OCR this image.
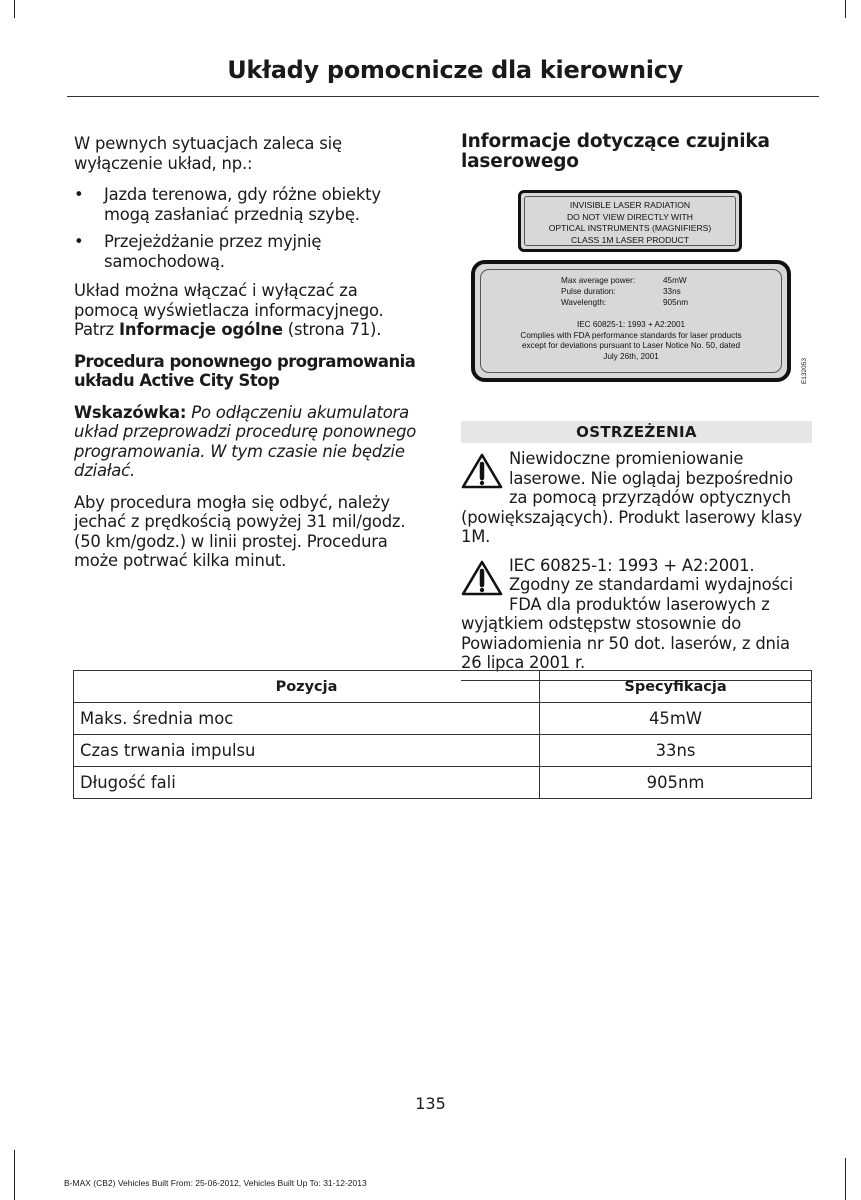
Układy pomocnicze dla kierownicy

W pewnych sytuacjach zaleca się wyłączenie układ, np.:

• Jazda terenowa, gdy różne obiekty mogą zasłaniać przednią szybę.
• Przejeżdżanie przez myjnię samochodową.

Układ można włączać i wyłączać za pomocą wyświetlacza informacyjnego. Patrz Informacje ogólne (strona 71).

Procedura ponownego programowania układu Active City Stop

Wskazówka: Po odłączeniu akumulatora układ przeprowadzi procedurę ponownego programowania. W tym czasie nie będzie działać.

Aby procedura mogła się odbyć, należy jechać z prędkością powyżej 31 mil/godz. (50 km/godz.) w linii prostej. Procedura może potrwać kilka minut.

Informacje dotyczące czujnika laserowego
INVISIBLE LASER RADIATION
DO NOT VIEW DIRECTLY WITH
OPTICAL INSTRUMENTS (MAGNIFIERS)
CLASS 1M LASER PRODUCT
Max average power:	45mW
Pulse duration:	33ns
Wavelength:	905nm
IEC 60825-1: 1993 + A2:2001
Complies with FDA performance standards for laser products
except for deviations pursuant to Laser Notice No. 50, dated
July 26th, 2001
E132053
OSTRZEŻENIA

Niewidoczne promieniowanie laserowe. Nie oglądaj bezpośrednio za pomocą przyrządów optycznych (powiększających). Produkt laserowy klasy 1M.

IEC 60825-1: 1993 + A2:2001. Zgodny ze standardami wydajności FDA dla produktów laserowych z wyjątkiem odstępstw stosownie do Powiadomienia nr 50 dot. laserów, z dnia 26 lipca 2001 r.

Pozycja	Specyfikacja
Maks. średnia moc	45mW
Czas trwania impulsu	33ns
Długość fali	905nm
135
B-MAX (CB2) Vehicles Built From: 25-06-2012, Vehicles Built Up To: 31-12-2013
